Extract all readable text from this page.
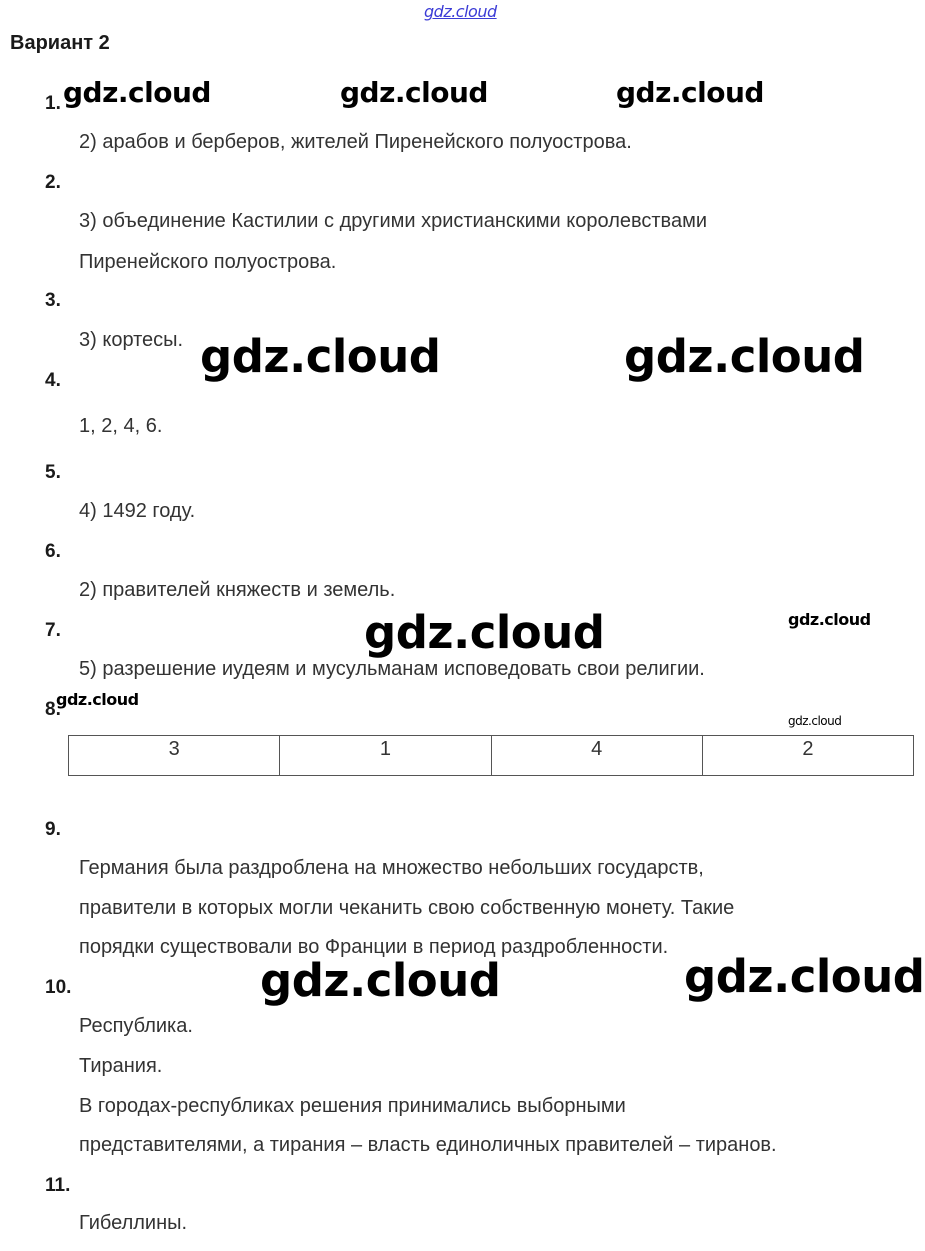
gdz.cloud
Вариант 2
1.
2) арабов и берберов, жителей Пиренейского полуострова.
2.
3) объединение Кастилии с другими христианскими королевствами
Пиренейского полуострова.
3.
3) кортесы.
4.
1, 2, 4, 6.
5.
4) 1492 году.
6.
2) правителей княжеств и земель.
7.
5) разрешение иудеям и мусульманам исповедовать свои религии.
8.
3	1	4	2
9.
Германия была раздроблена на множество небольших государств,
правители в которых могли чеканить свою собственную монету. Такие
порядки существовали во Франции в период раздробленности.
10.
Республика.
Тирания.
В городах-республиках решения принимались выборными
представителями, а тирания – власть единоличных правителей – тиранов.
11.
Гибеллины.
gdz.cloud	gdz.cloud	gdz.cloud
gdz.cloud	gdz.cloud
gdz.cloud	gdz.cloud
gdz.cloud
gdz.cloud
gdz.cloud	gdz.cloud
